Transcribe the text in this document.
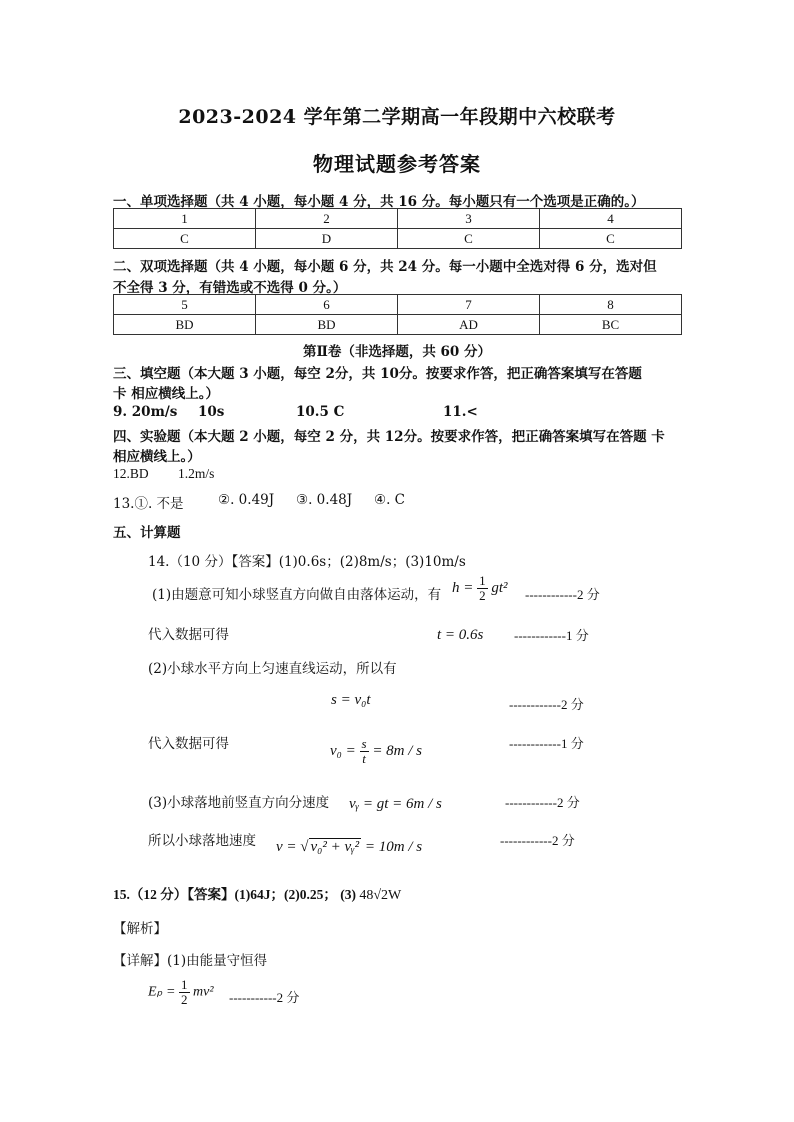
2023-2024 学年第二学期高一年段期中六校联考
物理试题参考答案
一、单项选择题（共 4 小题，每小题 4 分，共 16 分。每小题只有一个选项是正确的。）
1	2	3	4
C	D	C	C
二、双项选择题（共 4 小题，每小题 6 分，共 24 分。每一小题中全选对得 6 分，选对但
不全得 3 分，有错选或不选得 0 分。）
5	6	7	8
BD	BD	AD	BC
第Ⅱ卷（非选择题，共 60 分）
三、填空题（本大题 3 小题，每空 2分，共 10分。按要求作答，把正确答案填写在答题
卡 相应横线上。）
9. 20m/s 10s	10.5 C	11.<
四、实验题（本大题 2 小题，每空 2 分，共 12分。按要求作答，把正确答案填写在答题 卡
相应横线上。）
12.BD 1.2m/s
13.①. 不是	②. 0.49J ③. 0.48J ④. C
五、计算题
14.（10 分）【答案】(1)0.6s；(2)8m/s；(3)10m/s
(1)由题意可知小球竖直方向做自由落体运动，有 $h = \frac{1}{2} gt^2$ ------------2 分
代入数据可得	t = 0.6s ------------1 分
(2)小球水平方向上匀速直线运动，所以有
s = v₀t	------------2 分
代入数据可得	$v_0 = \frac{s}{t} = 8m / s$	------------1 分
(3)小球落地前竖直方向分速度 vᵧ = gt = 6m / s	------------2 分
所以小球落地速度 v = √ v₀² + vᵧ² = 10m / s	------------2 分
15.（12 分）【答案】(1)64J；(2)0.25； (3) 48√2W
【解析】
【详解】(1)由能量守恒得
$E_p = \frac{1}{2} mv^2$ -----------2 分
